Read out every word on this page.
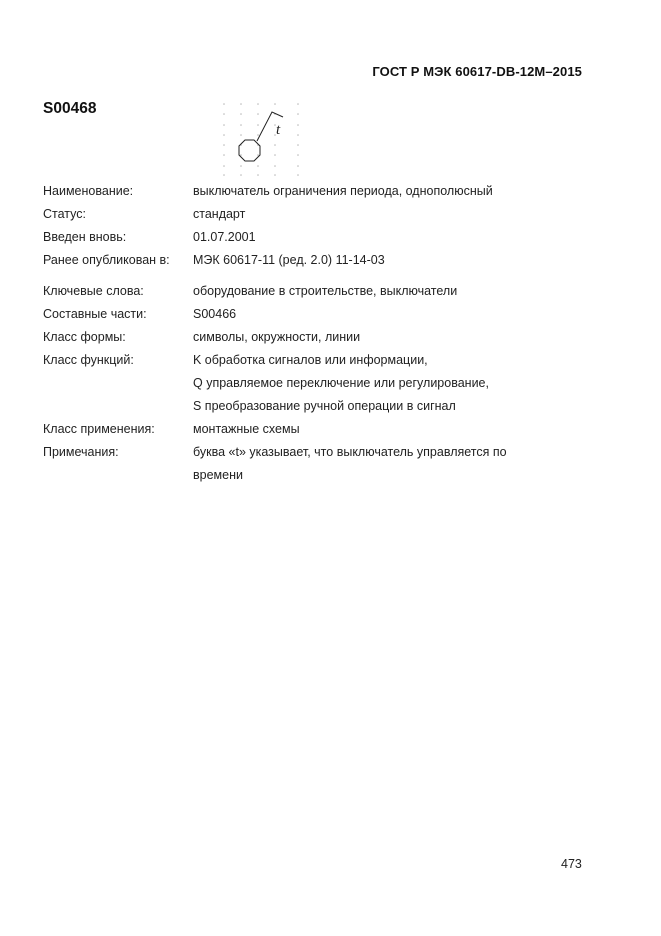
ГОСТ Р МЭК 60617-DB-12M–2015
S00468
t
Наименование:	выключатель ограничения периода, однополюсный
Статус:	стандарт
Введен вновь:	01.07.2001
Ранее опубликован в:	МЭК 60617-11 (ред. 2.0) 11-14-03
Ключевые слова:	оборудование в строительстве, выключатели
Составные части:	S00466
Класс формы:	символы, окружности, линии
Класс функций:	K обработка сигналов или информации,
Q управляемое переключение или регулирование,
S преобразование ручной операции в сигнал
Класс применения:	монтажные схемы
Примечания:	буква «t» указывает, что выключатель управляется по
времени
473
